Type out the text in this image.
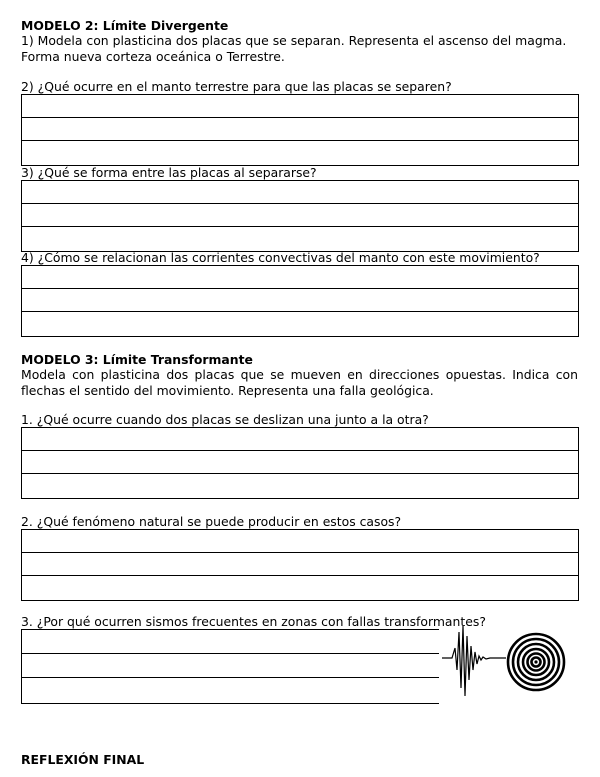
MODELO 2: Límite Divergente

1) Modela con plasticina dos placas que se separan. Representa el ascenso del magma.

Forma nueva corteza oceánica o Terrestre.

2) ¿Qué ocurre en el manto terrestre para que las placas se separen?

3) ¿Qué se forma entre las placas al separarse?

4) ¿Cómo se relacionan las corrientes convectivas del manto con este movimiento?

MODELO 3: Límite Transformante

Modela con plasticina dos placas que se mueven en direcciones opuestas. Indica con flechas el sentido del movimiento. Representa una falla geológica.

1. ¿Qué ocurre cuando dos placas se deslizan una junto a la otra?

2. ¿Qué fenómeno natural se puede producir en estos casos?

3. ¿Por qué ocurren sismos frecuentes en zonas con fallas transformantes?

REFLEXIÓN FINAL
